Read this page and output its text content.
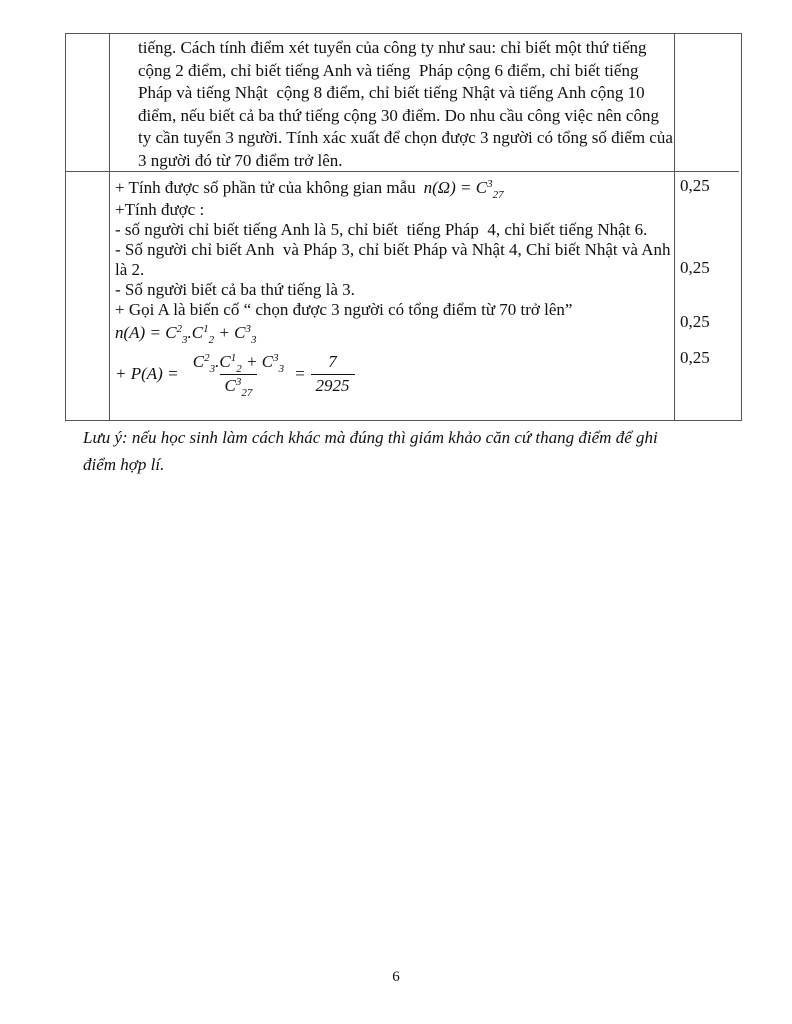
tiếng. Cách tính điểm xét tuyển của công ty như sau: chỉ biết một thứ tiếng
cộng 2 điểm, chỉ biết tiếng Anh và tiếng  Pháp cộng 6 điểm, chỉ biết tiếng
Pháp và tiếng Nhật  cộng 8 điểm, chỉ biết tiếng Nhật và tiếng Anh cộng 10
điểm, nếu biết cả ba thứ tiếng cộng 30 điểm. Do nhu cầu công việc nên công
ty cần tuyển 3 người. Tính xác xuất để chọn được 3 người có tổng số điểm của
3 người đó từ 70 điểm trở lên.
+ Tính được số phần tử của không gian mẫu $n(\Omega) = C^3_{27}$
+Tính được :
- số người chỉ biết tiếng Anh là 5, chỉ biết  tiếng Pháp  4, chỉ biết tiếng Nhật 6.
- Số người chỉ biết Anh  và Pháp 3, chỉ biết Pháp và Nhật 4, Chỉ biết Nhật và Anh
là 2.
- Số người biết cả ba thứ tiếng là 3.
+ Gọi A là biến cố “ chọn được 3 người có tổng điểm từ 70 trở lên”
$n(A) = C^2_3.C^1_2 + C^3_3$
+ $P(A) = \frac{C^2_3.C^1_2 + C^3_3}{C^3_{27}} = \frac{7}{2925}$
0,25
0,25
0,25
0,25
Lưu ý: nếu học sinh làm cách khác mà đúng thì giám khảo căn cứ thang điểm để ghi
điểm hợp lí.
6
